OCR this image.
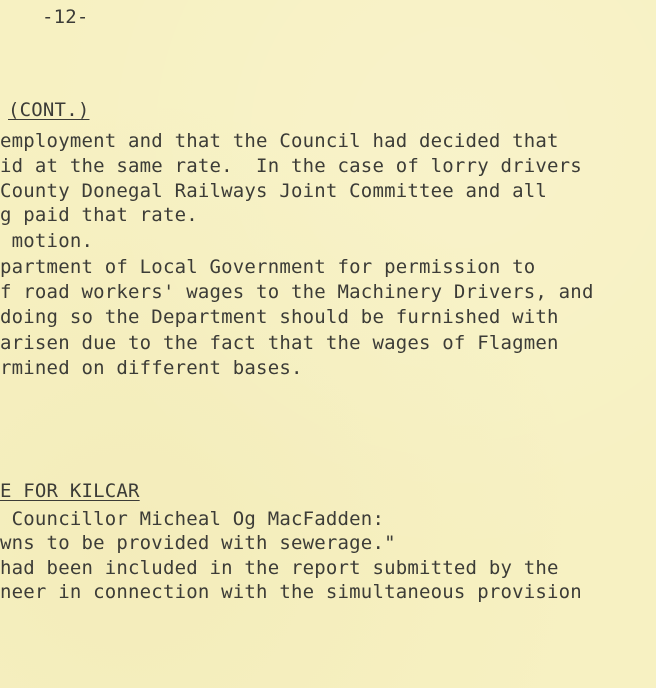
-12-
(CONT.)
employment and that the Council had decided that
id at the same rate.  In the case of lorry drivers
County Donegal Railways Joint Committee and all
g paid that rate.
motion.
partment of Local Government for permission to
f road workers' wages to the Machinery Drivers, and
doing so the Department should be furnished with
arisen due to the fact that the wages of Flagmen
rmined on different bases.
E FOR KILCAR
Councillor Micheal Og MacFadden:
wns to be provided with sewerage."
had been included in the report submitted by the
neer in connection with the simultaneous provision
